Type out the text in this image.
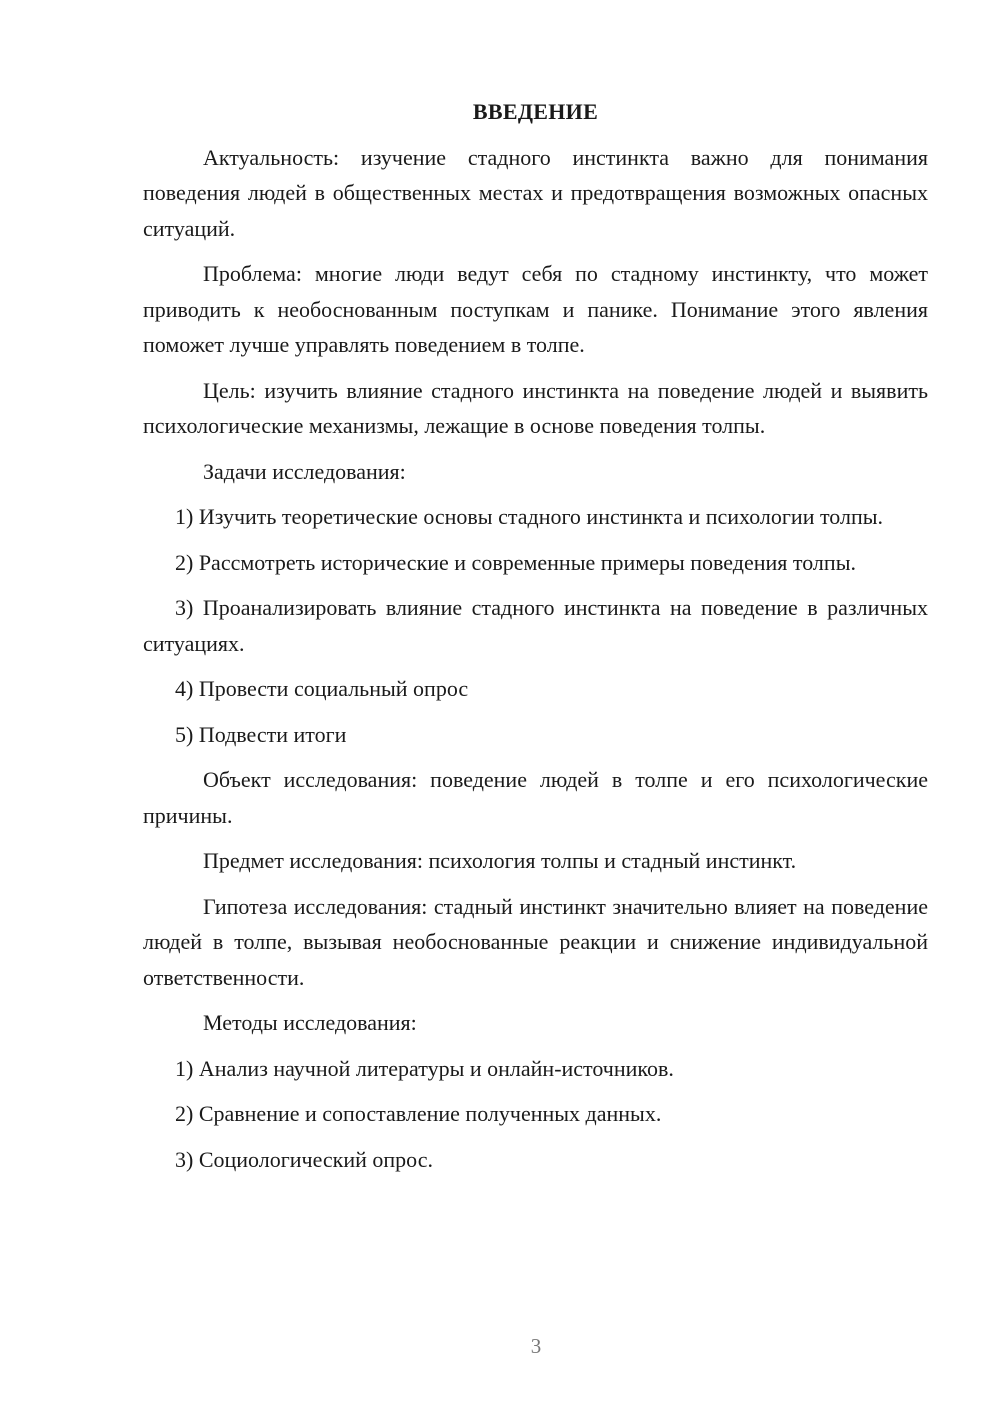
ВВЕДЕНИЕ

Актуальность: изучение стадного инстинкта важно для понимания поведения людей в общественных местах и предотвращения возможных опасных ситуаций.

Проблема: многие люди ведут себя по стадному инстинкту, что может приводить к необоснованным поступкам и панике. Понимание этого явления поможет лучше управлять поведением в толпе.

Цель: изучить влияние стадного инстинкта на поведение людей и выявить психологические механизмы, лежащие в основе поведения толпы.

Задачи исследования:

1) Изучить теоретические основы стадного инстинкта и психологии толпы.

2) Рассмотреть исторические и современные примеры поведения толпы.

3) Проанализировать влияние стадного инстинкта на поведение в различных ситуациях.

4) Провести социальный опрос

5) Подвести итоги

Объект исследования: поведение людей в толпе и его психологические причины.

Предмет исследования: психология толпы и стадный инстинкт.

Гипотеза исследования: стадный инстинкт значительно влияет на поведение людей в толпе, вызывая необоснованные реакции и снижение индивидуальной ответственности.

Методы исследования:

1) Анализ научной литературы и онлайн-источников.

2) Сравнение и сопоставление полученных данных.

3) Социологический опрос.

3
